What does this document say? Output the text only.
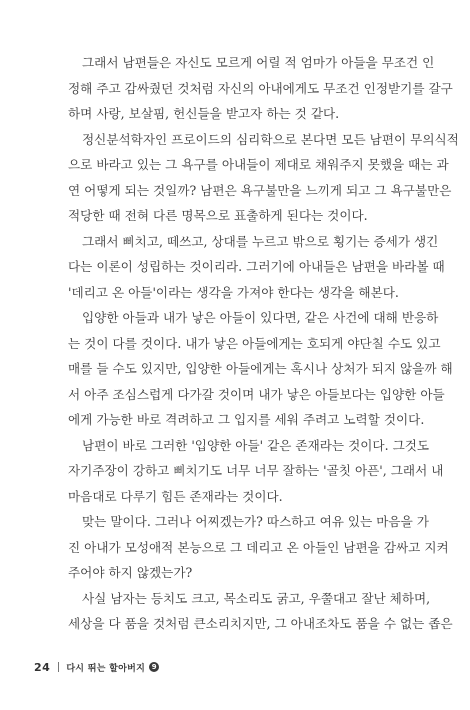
그래서 남편들은 자신도 모르게 어릴 적 엄마가 아들을 무조건 인
정해 주고 감싸줬던 것처럼 자신의 아내에게도 무조건 인정받기를 갈구
하며 사랑, 보살핌, 헌신들을 받고자 하는 것 같다.
정신분석학자인 프로이드의 심리학으로 본다면 모든 남편이 무의식적
으로 바라고 있는 그 욕구를 아내들이 제대로 채워주지 못했을 때는 과
연 어떻게 되는 것일까? 남편은 욕구불만을 느끼게 되고 그 욕구불만은
적당한 때 전혀 다른 명목으로 표출하게 된다는 것이다.
그래서 삐치고, 떼쓰고, 상대를 누르고 밖으로 횡기는 증세가 생긴
다는 이론이 성립하는 것이리라. 그러기에 아내들은 남편을 바라볼 때
'데리고 온 아들'이라는 생각을 가져야 한다는 생각을 해본다.
입양한 아들과 내가 낳은 아들이 있다면, 같은 사건에 대해 반응하
는 것이 다를 것이다. 내가 낳은 아들에게는 호되게 야단칠 수도 있고
매를 들 수도 있지만, 입양한 아들에게는 혹시나 상처가 되지 않을까 해
서 아주 조심스럽게 다가갈 것이며 내가 낳은 아들보다는 입양한 아들
에게 가능한 바로 격려하고 그 입지를 세워 주려고 노력할 것이다.
남편이 바로 그러한 '입양한 아들' 같은 존재라는 것이다. 그것도
자기주장이 강하고 삐치기도 너무 너무 잘하는 '골칫 아픈', 그래서 내
마음대로 다루기 힘든 존재라는 것이다.
맞는 말이다. 그러나 어찌겠는가? 따스하고 여유 있는 마음을 가
진 아내가 모성애적 본능으로 그 데리고 온 아들인 남편을 감싸고 지켜
주어야 하지 않겠는가?
사실 남자는 등치도 크고, 목소리도 굵고, 우쭐대고 잘난 체하며,
세상을 다 품을 것처럼 큰소리치지만, 그 아내조차도 품을 수 없는 좁은
24 다시 뛰는 할아버지 9
